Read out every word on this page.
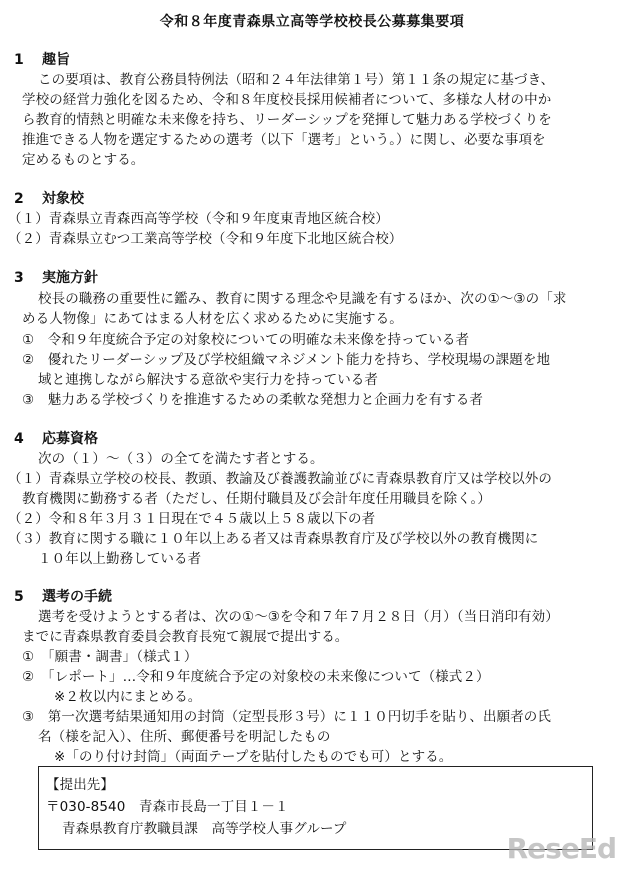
令和８年度青森県立高等学校校長公募募集要項
1 趣旨
この要項は、教育公務員特例法（昭和２４年法律第１号）第１１条の規定に基づき、
学校の経営力強化を図るため、令和８年度校長採用候補者について、多様な人材の中か
ら教育的情熱と明確な未来像を持ち、リーダーシップを発揮して魅力ある学校づくりを
推進できる人物を選定するための選考（以下「選考」という。）に関し、必要な事項を
定めるものとする。
2 対象校
（１）青森県立青森西高等学校（令和９年度東青地区統合校）
（２）青森県立むつ工業高等学校（令和９年度下北地区統合校）
3 実施方針
校長の職務の重要性に鑑み、教育に関する理念や見識を有するほか、次の①～③の「求
める人物像」にあてはまる人材を広く求めるために実施する。
①　令和９年度統合予定の対象校についての明確な未来像を持っている者
②　優れたリーダーシップ及び学校組織マネジメント能力を持ち、学校現場の課題を地
域と連携しながら解決する意欲や実行力を持っている者
③　魅力ある学校づくりを推進するための柔軟な発想力と企画力を有する者
4 応募資格
次の（１）～（３）の全てを満たす者とする。
（１）青森県立学校の校長、教頭、教諭及び養護教諭並びに青森県教育庁又は学校以外の
教育機関に勤務する者（ただし、任期付職員及び会計年度任用職員を除く。）
（２）令和８年３月３１日現在で４５歳以上５８歳以下の者
（３）教育に関する職に１０年以上ある者又は青森県教育庁及び学校以外の教育機関に
１０年以上勤務している者
5 選考の手続
選考を受けようとする者は、次の①～③を令和７年７月２８日（月）（当日消印有効）
までに青森県教育委員会教育長宛て親展で提出する。
①　「願書・調書」（様式１）
②　「レポート」…令和９年度統合予定の対象校の未来像について（様式２）
※２枚以内にまとめる。
③　第一次選考結果通知用の封筒（定型長形３号）に１１０円切手を貼り、出願者の氏
名（様を記入）、住所、郵便番号を明記したもの
※「のり付け封筒」（両面テープを貼付したものでも可）とする。
【提出先】
〒030-8540　青森市長島一丁目１－１
青森県教育庁教職員課　高等学校人事グループ
ReseEd
